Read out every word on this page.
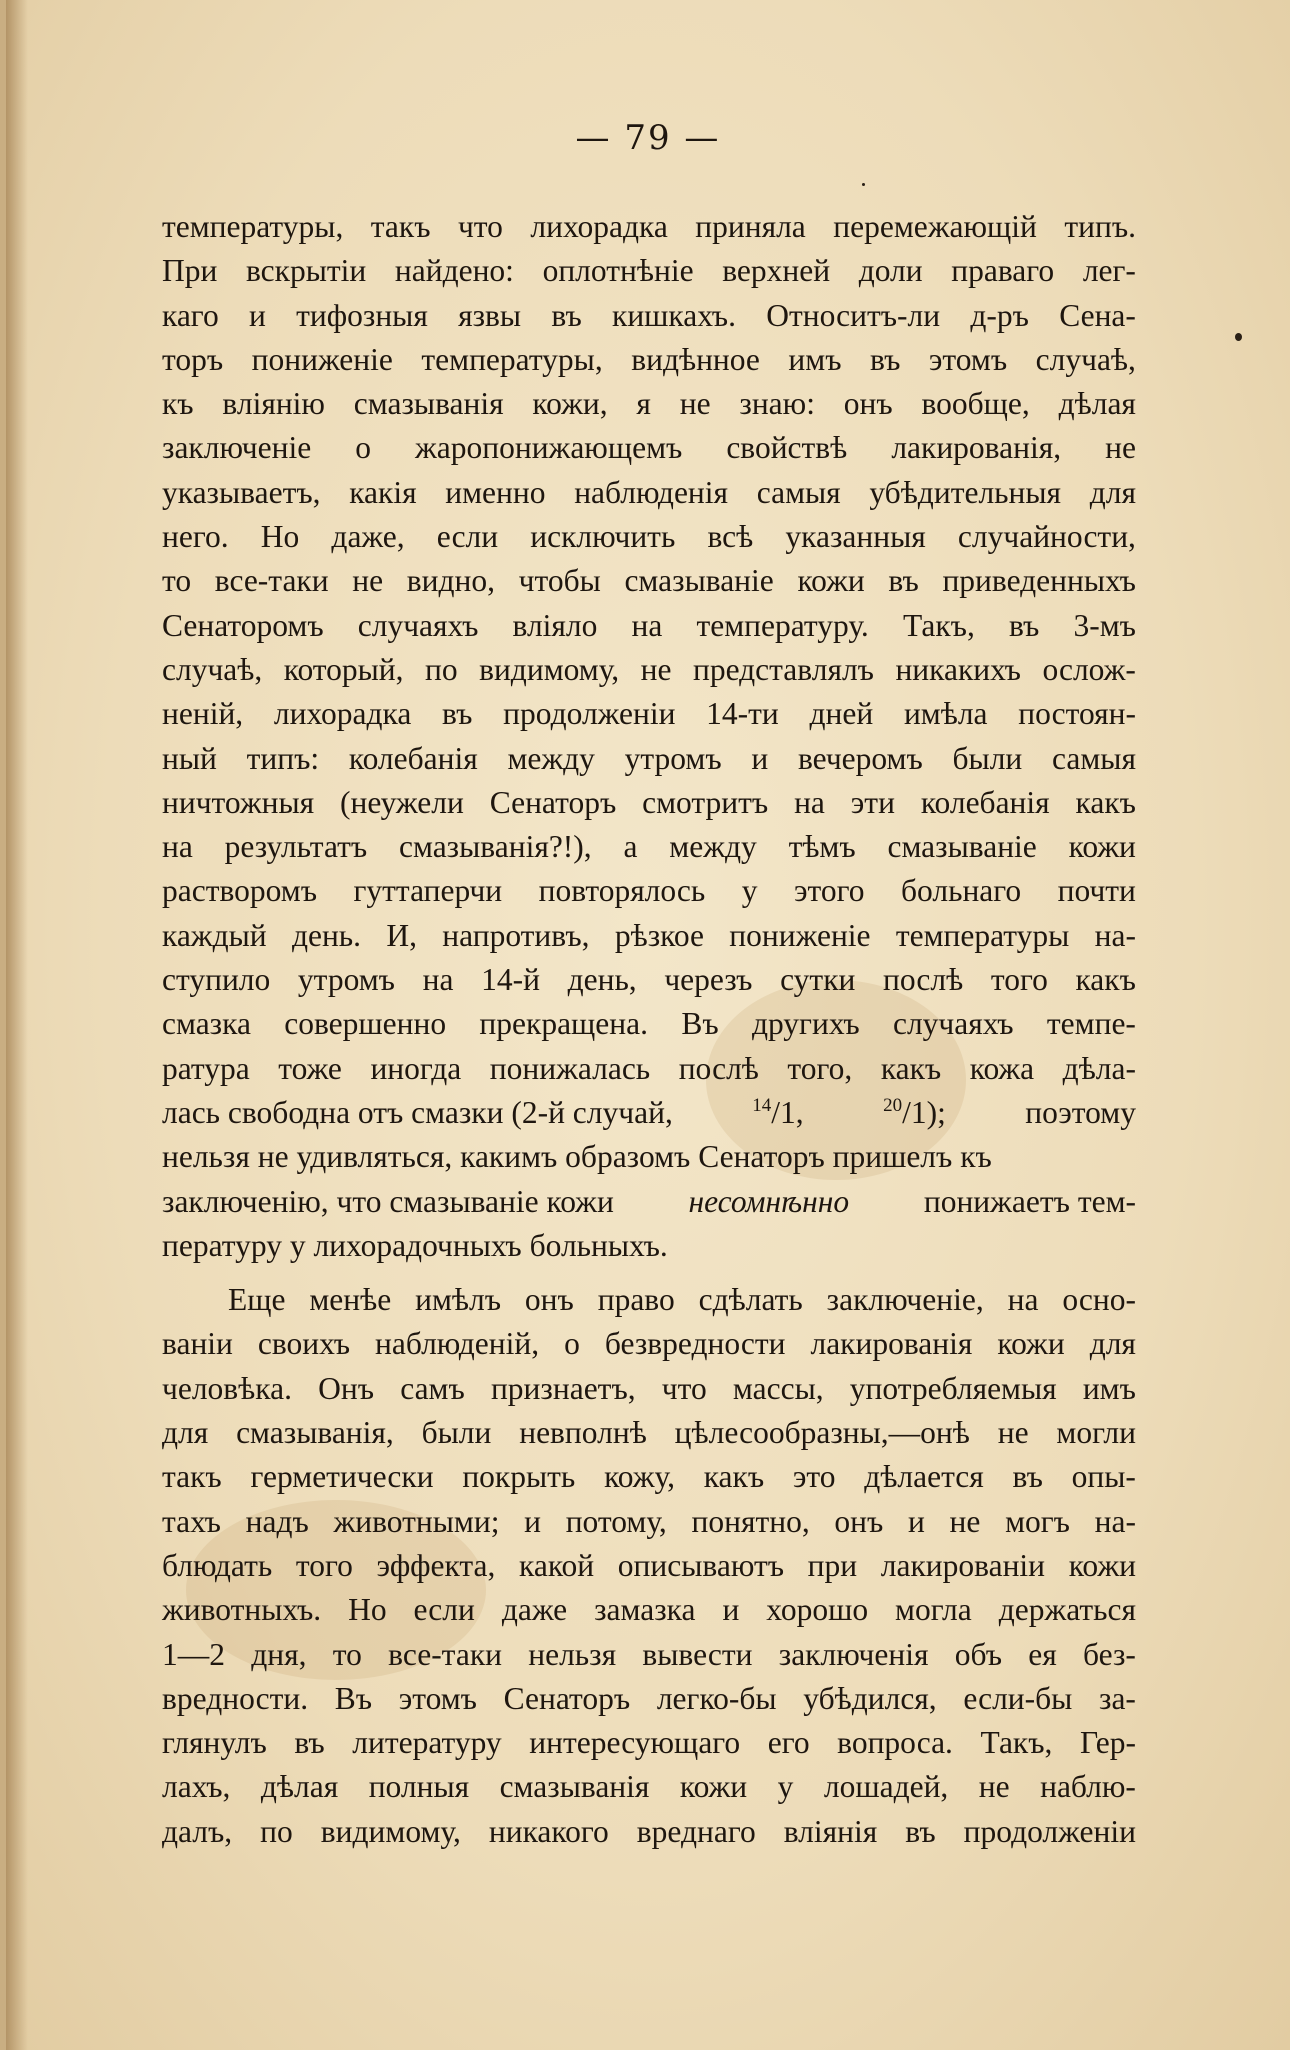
— 79 —
температуры, такъ что лихорадка приняла перемежающій типъ.
При вскрытіи найдено: оплотнѣніе верхней доли праваго лег-
каго и тифозныя язвы въ кишкахъ. Относитъ-ли д-ръ Сена-
торъ пониженіе температуры, видѣнное имъ въ этомъ случаѣ,
къ вліянію смазыванія кожи, я не знаю: онъ вообще, дѣлая
заключеніе о жаропонижающемъ свойствѣ лакированія, не
указываетъ, какія именно наблюденія самыя убѣдительныя для
него. Но даже, если исключить всѣ указанныя случайности,
то все-таки не видно, чтобы смазываніе кожи въ приведенныхъ
Сенаторомъ случаяхъ вліяло на температуру. Такъ, въ 3-мъ
случаѣ, который, по видимому, не представлялъ никакихъ ослож-
неній, лихорадка въ продолженіи 14-ти дней имѣла постоян-
ный типъ: колебанія между утромъ и вечеромъ были самыя
ничтожныя (неужели Сенаторъ смотритъ на эти колебанія какъ
на результатъ смазыванія?!), а между тѣмъ смазываніе кожи
растворомъ гуттаперчи повторялось у этого больнаго почти
каждый день. И, напротивъ, рѣзкое пониженіе температуры на-
ступило утромъ на 14-й день, черезъ сутки послѣ того какъ
смазка совершенно прекращена. Въ другихъ случаяхъ темпе-
ратура тоже иногда понижалась послѣ того, какъ кожа дѣла-
лась свободна отъ смазки (2-й случай,	$^{14}$/1,	$^{20}$/1);	поэтому
нельзя не удивляться, какимъ образомъ Сенаторъ пришелъ къ
заключенію, что смазываніе кожи несомнѣнно понижаетъ тем-
пературу у лихорадочныхъ больныхъ.
Еще менѣе имѣлъ онъ право сдѣлать заключеніе, на осно-
ваніи своихъ наблюденій, о безвредности лакированія кожи для
человѣка. Онъ самъ признаетъ, что массы, употребляемыя имъ
для смазыванія, были невполнѣ цѣлесообразны,—онѣ не могли
такъ герметически покрыть кожу, какъ это дѣлается въ опы-
тахъ надъ животными; и потому, понятно, онъ и не могъ на-
блюдать того эффекта, какой описываютъ при лакированіи кожи
животныхъ. Но если даже замазка и хорошо могла держаться
1—2 дня, то все-таки нельзя вывести заключенія объ ея без-
вредности. Въ этомъ Сенаторъ легко-бы убѣдился, если-бы за-
глянулъ въ литературу интересующаго его вопроса. Такъ, Гер-
лахъ, дѣлая полныя смазыванія кожи у лошадей, не наблю-
далъ, по видимому, никакого вреднаго вліянія въ продолженіи
